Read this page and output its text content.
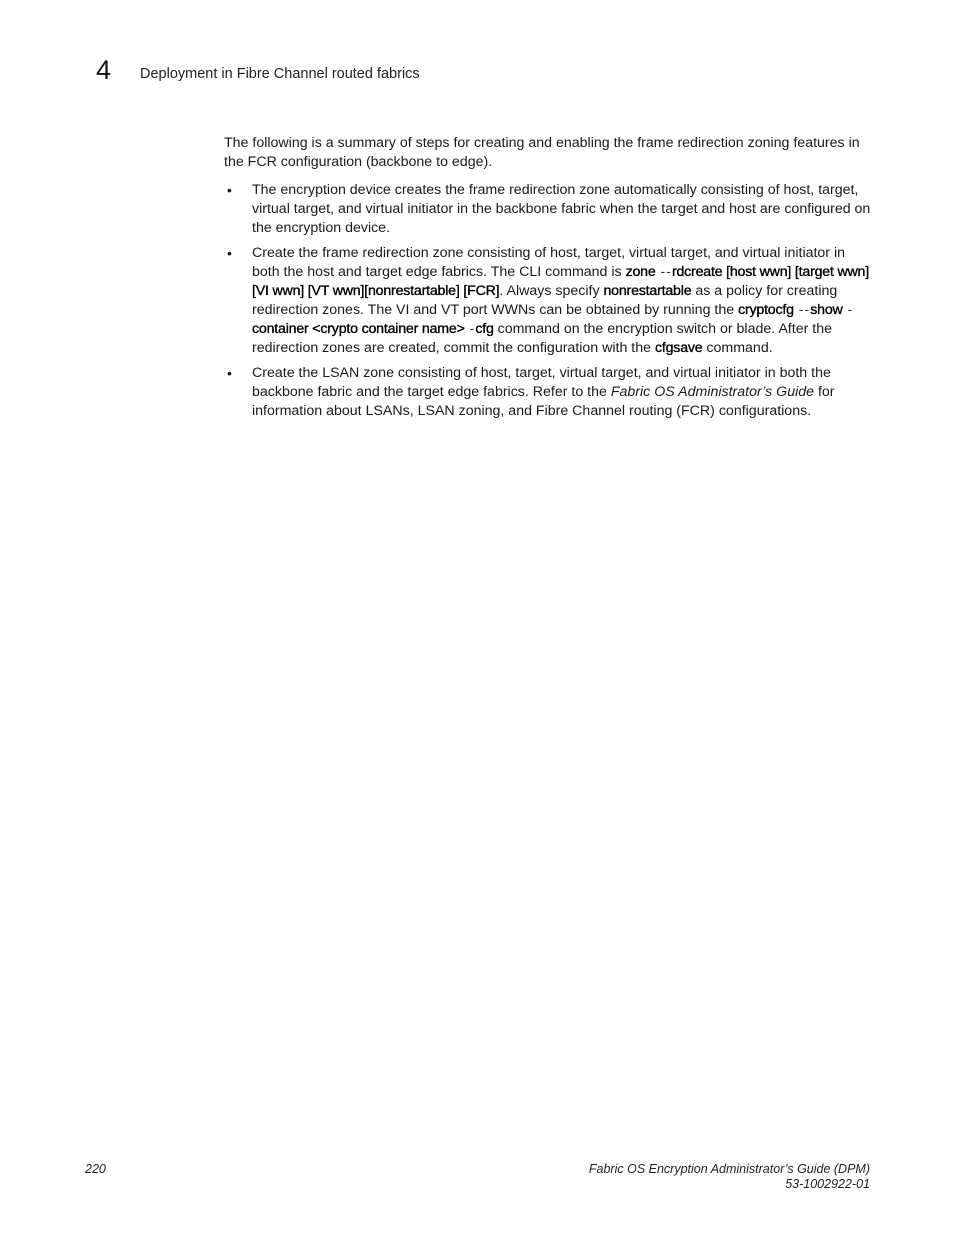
4 Deployment in Fibre Channel routed fabrics

The following is a summary of steps for creating and enabling the frame redirection zoning features in the FCR configuration (backbone to edge).

• The encryption device creates the frame redirection zone automatically consisting of host, target, virtual target, and virtual initiator in the backbone fabric when the target and host are configured on the encryption device.
• Create the frame redirection zone consisting of host, target, virtual target, and virtual initiator in both the host and target edge fabrics. The CLI command is zone --rdcreate [host wwn] [target wwn] [VI wwn] [VT wwn][nonrestartable] [FCR]. Always specify nonrestartable as a policy for creating redirection zones. The VI and VT port WWNs can be obtained by running the cryptocfg --show -container <crypto container name> -cfg command on the encryption switch or blade. After the redirection zones are created, commit the configuration with the cfgsave command.
• Create the LSAN zone consisting of host, target, virtual target, and virtual initiator in both the backbone fabric and the target edge fabrics. Refer to the Fabric OS Administrator’s Guide for information about LSANs, LSAN zoning, and Fibre Channel routing (FCR) configurations.
220	Fabric OS Encryption Administrator’s Guide (DPM)
53-1002922-01
